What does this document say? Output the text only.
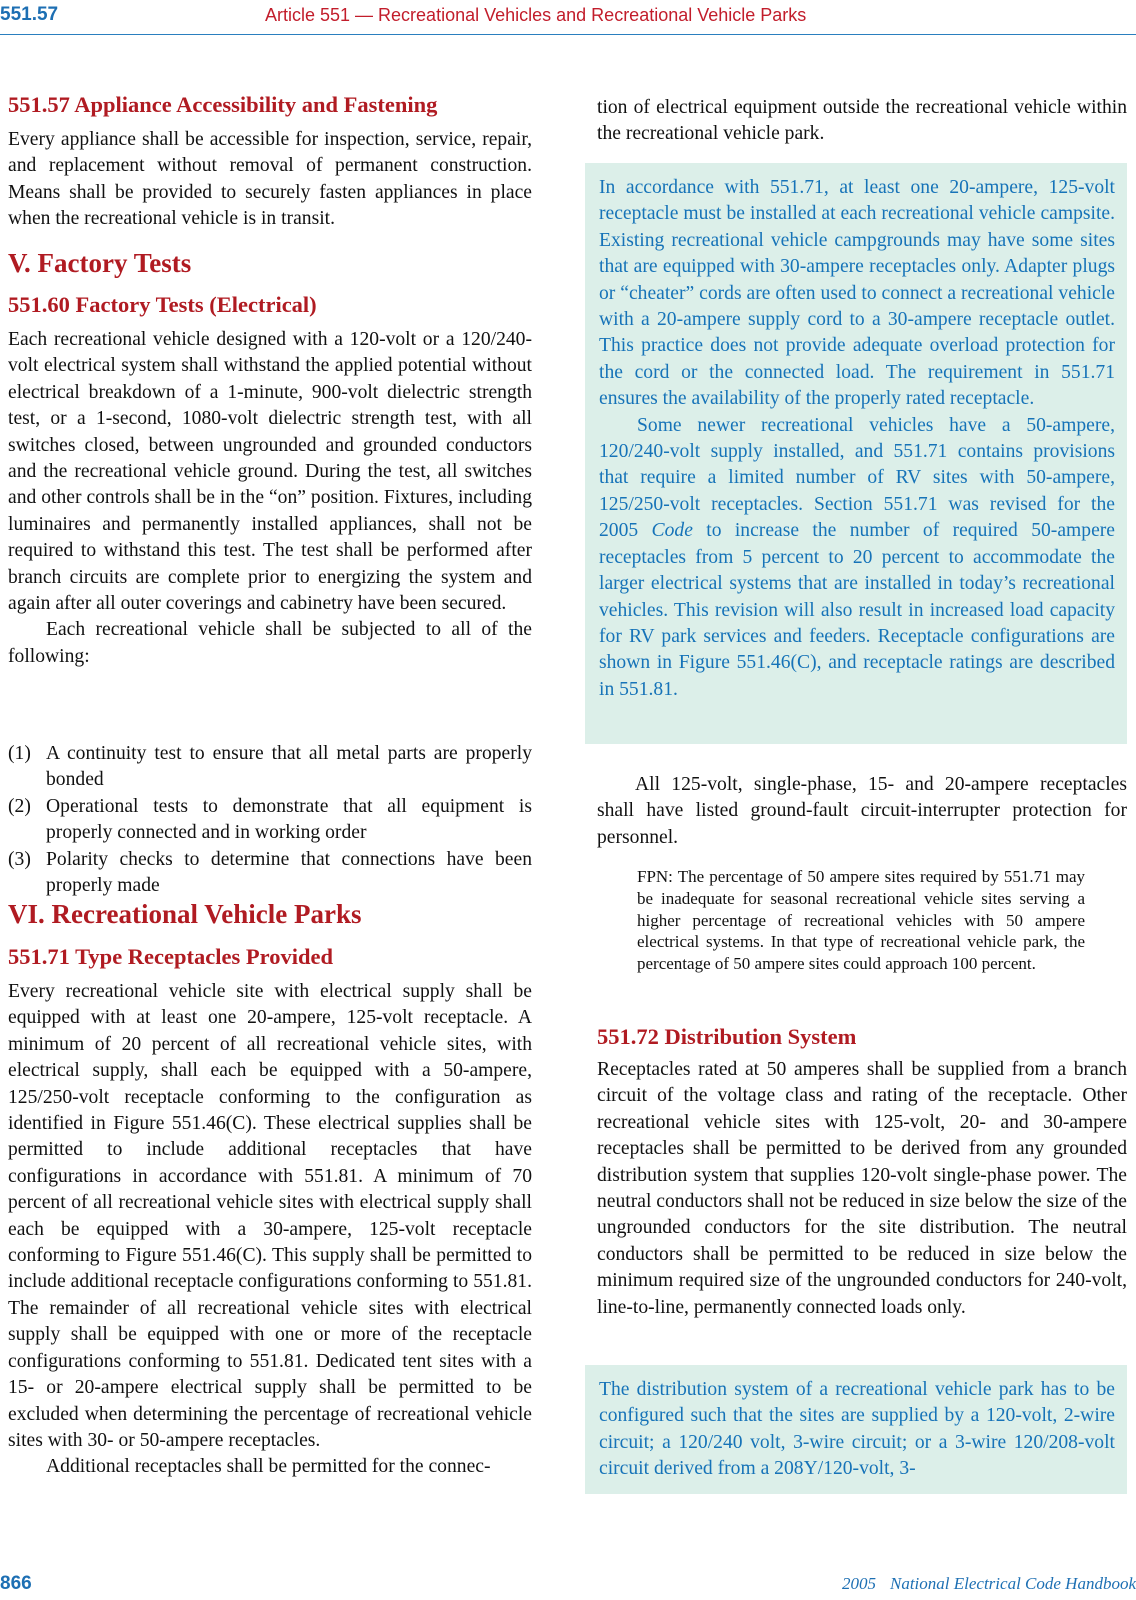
551.57	Article 551 — Recreational Vehicles and Recreational Vehicle Parks
551.57 Appliance Accessibility and Fastening

Every appliance shall be accessible for inspection, service, repair, and replacement without removal of permanent construction. Means shall be provided to securely fasten appliances in place when the recreational vehicle is in transit.

V. Factory Tests
551.60 Factory Tests (Electrical)

Each recreational vehicle designed with a 120-volt or a 120/240-volt electrical system shall withstand the applied potential without electrical breakdown of a 1-minute, 900-volt dielectric strength test, or a 1-second, 1080-volt dielectric strength test, with all switches closed, between ungrounded and grounded conductors and the recreational vehicle ground. During the test, all switches and other controls shall be in the “on” position. Fixtures, including luminaires and permanently installed appliances, shall not be required to withstand this test. The test shall be performed after branch circuits are complete prior to energizing the system and again after all outer coverings and cabinetry have been secured.

Each recreational vehicle shall be subjected to all of the following:

(1) A continuity test to ensure that all metal parts are properly bonded
(2) Operational tests to demonstrate that all equipment is properly connected and in working order
(3) Polarity checks to determine that connections have been properly made
VI. Recreational Vehicle Parks
551.71 Type Receptacles Provided

Every recreational vehicle site with electrical supply shall be equipped with at least one 20-ampere, 125-volt receptacle. A minimum of 20 percent of all recreational vehicle sites, with electrical supply, shall each be equipped with a 50-ampere, 125/250-volt receptacle conforming to the configuration as identified in Figure 551.46(C). These electrical supplies shall be permitted to include additional receptacles that have configurations in accordance with 551.81. A minimum of 70 percent of all recreational vehicle sites with electrical supply shall each be equipped with a 30-ampere, 125-volt receptacle conforming to Figure 551.46(C). This supply shall be permitted to include additional receptacle configurations conforming to 551.81. The remainder of all recreational vehicle sites with electrical supply shall be equipped with one or more of the receptacle configurations conforming to 551.81. Dedicated tent sites with a 15- or 20-ampere electrical supply shall be permitted to be excluded when determining the percentage of recreational vehicle sites with 30- or 50-ampere receptacles.

Additional receptacles shall be permitted for the connec-

tion of electrical equipment outside the recreational vehicle within the recreational vehicle park.

In accordance with 551.71, at least one 20-ampere, 125-volt receptacle must be installed at each recreational vehicle campsite. Existing recreational vehicle campgrounds may have some sites that are equipped with 30-ampere receptacles only. Adapter plugs or “cheater” cords are often used to connect a recreational vehicle with a 20-ampere supply cord to a 30-ampere receptacle outlet. This practice does not provide adequate overload protection for the cord or the connected load. The requirement in 551.71 ensures the availability of the properly rated receptacle.

Some newer recreational vehicles have a 50-ampere, 120/240-volt supply installed, and 551.71 contains provisions that require a limited number of RV sites with 50-ampere, 125/250-volt receptacles. Section 551.71 was revised for the 2005 Code to increase the number of required 50-ampere receptacles from 5 percent to 20 percent to accommodate the larger electrical systems that are installed in today’s recreational vehicles. This revision will also result in increased load capacity for RV park services and feeders. Receptacle configurations are shown in Figure 551.46(C), and receptacle ratings are described in 551.81.

All 125-volt, single-phase, 15- and 20-ampere receptacles shall have listed ground-fault circuit-interrupter protection for personnel.

FPN: The percentage of 50 ampere sites required by 551.71 may be inadequate for seasonal recreational vehicle sites serving a higher percentage of recreational vehicles with 50 ampere electrical systems. In that type of recreational vehicle park, the percentage of 50 ampere sites could approach 100 percent.

551.72 Distribution System

Receptacles rated at 50 amperes shall be supplied from a branch circuit of the voltage class and rating of the receptacle. Other recreational vehicle sites with 125-volt, 20- and 30-ampere receptacles shall be permitted to be derived from any grounded distribution system that supplies 120-volt single-phase power. The neutral conductors shall not be reduced in size below the size of the ungrounded conductors for the site distribution. The neutral conductors shall be permitted to be reduced in size below the minimum required size of the ungrounded conductors for 240-volt, line-to-line, permanently connected loads only.

The distribution system of a recreational vehicle park has to be configured such that the sites are supplied by a 120-volt, 2-wire circuit; a 120/240 volt, 3-wire circuit; or a 3-wire 120/208-volt circuit derived from a 208Y/120-volt, 3-

866	2005 National Electrical Code Handbook
